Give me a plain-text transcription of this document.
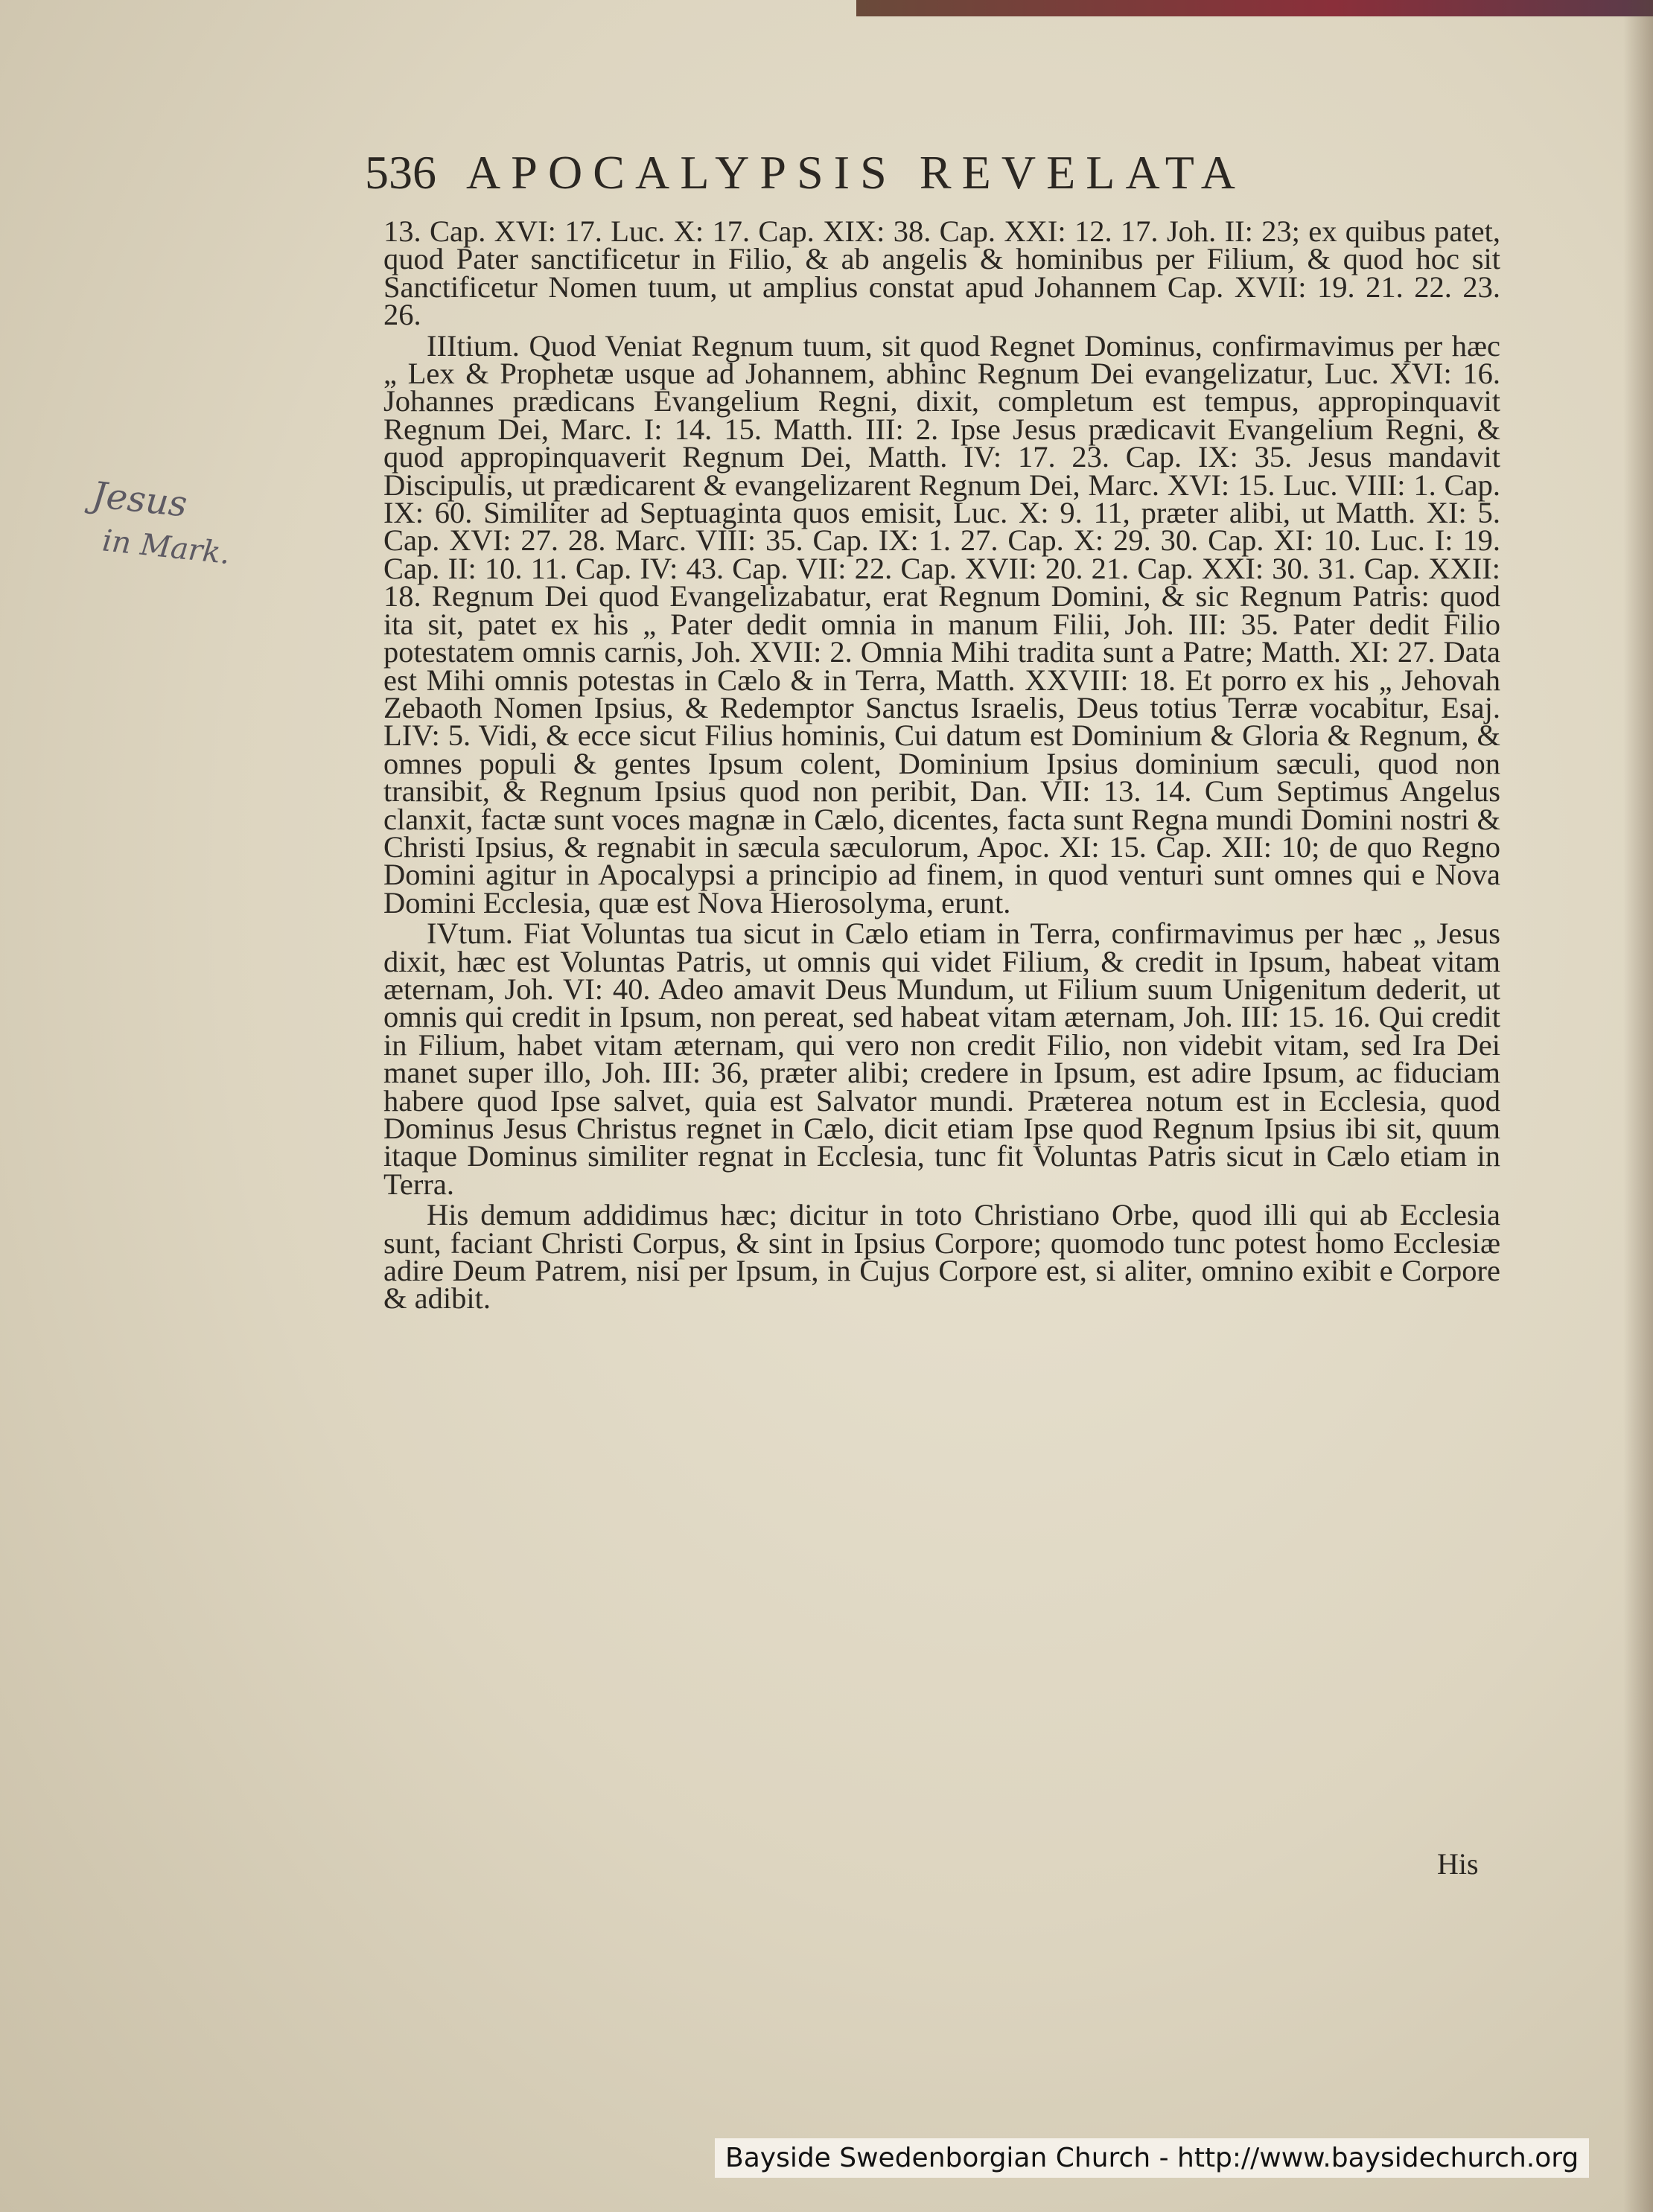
536 APOCALYPSIS REVELATA
Jesus
in Mark.

13. Cap. XVI: 17. Luc. X: 17. Cap. XIX: 38. Cap. XXI: 12. 17. Joh. II: 23; ex quibus patet, quod Pater sanctificetur in Filio, & ab angelis & hominibus per Filium, & quod hoc sit Sanctificetur Nomen tuum, ut amplius constat apud Johannem Cap. XVII: 19. 21. 22. 23. 26.

IIItium. Quod Veniat Regnum tuum, sit quod Regnet Dominus, confirmavimus per hæc „ Lex & Prophetæ usque ad Johannem, abhinc Regnum Dei evangelizatur, Luc. XVI: 16. Johannes prædicans Evangelium Regni, dixit, completum est tempus, appropinquavit Regnum Dei, Marc. I: 14. 15. Matth. III: 2. Ipse Jesus prædicavit Evangelium Regni, & quod appropinquaverit Regnum Dei, Matth. IV: 17. 23. Cap. IX: 35. Jesus mandavit Discipulis, ut prædicarent & evangelizarent Regnum Dei, Marc. XVI: 15. Luc. VIII: 1. Cap. IX: 60. Similiter ad Septuaginta quos emisit, Luc. X: 9. 11, præter alibi, ut Matth. XI: 5. Cap. XVI: 27. 28. Marc. VIII: 35. Cap. IX: 1. 27. Cap. X: 29. 30. Cap. XI: 10. Luc. I: 19. Cap. II: 10. 11. Cap. IV: 43. Cap. VII: 22. Cap. XVII: 20. 21. Cap. XXI: 30. 31. Cap. XXII: 18. Regnum Dei quod Evangelizabatur, erat Regnum Domini, & sic Regnum Patris: quod ita sit, patet ex his „ Pater dedit omnia in manum Filii, Joh. III: 35. Pater dedit Filio potestatem omnis carnis, Joh. XVII: 2. Omnia Mihi tradita sunt a Patre; Matth. XI: 27. Data est Mihi omnis potestas in Cælo & in Terra, Matth. XXVIII: 18. Et porro ex his „ Jehovah Zebaoth Nomen Ipsius, & Redemptor Sanctus Israelis, Deus totius Terræ vocabitur, Esaj. LIV: 5. Vidi, & ecce sicut Filius hominis, Cui datum est Dominium & Gloria & Regnum, & omnes populi & gentes Ipsum colent, Dominium Ipsius dominium sæculi, quod non transibit, & Regnum Ipsius quod non peribit, Dan. VII: 13. 14. Cum Septimus Angelus clanxit, factæ sunt voces magnæ in Cælo, dicentes, facta sunt Regna mundi Domini nostri & Christi Ipsius, & regnabit in sæcula sæculorum, Apoc. XI: 15. Cap. XII: 10; de quo Regno Domini agitur in Apocalypsi a principio ad finem, in quod venturi sunt omnes qui e Nova Domini Ecclesia, quæ est Nova Hierosolyma, erunt.

IVtum. Fiat Voluntas tua sicut in Cælo etiam in Terra, confirmavimus per hæc „ Jesus dixit, hæc est Voluntas Patris, ut omnis qui videt Filium, & credit in Ipsum, habeat vitam æternam, Joh. VI: 40. Adeo amavit Deus Mundum, ut Filium suum Unigenitum dederit, ut omnis qui credit in Ipsum, non pereat, sed habeat vitam æternam, Joh. III: 15. 16. Qui credit in Filium, habet vitam æternam, qui vero non credit Filio, non videbit vitam, sed Ira Dei manet super illo, Joh. III: 36, præter alibi; credere in Ipsum, est adire Ipsum, ac fiduciam habere quod Ipse salvet, quia est Salvator mundi. Præterea notum est in Ecclesia, quod Dominus Jesus Christus regnet in Cælo, dicit etiam Ipse quod Regnum Ipsius ibi sit, quum itaque Dominus similiter regnat in Ecclesia, tunc fit Voluntas Patris sicut in Cælo etiam in Terra.

His demum addidimus hæc; dicitur in toto Christiano Orbe, quod illi qui ab Ecclesia sunt, faciant Christi Corpus, & sint in Ipsius Corpore; quomodo tunc potest homo Ecclesiæ adire Deum Patrem, nisi per Ipsum, in Cujus Corpore est, si aliter, omnino exibit e Corpore & adibit.

His
Bayside Swedenborgian Church - http://www.baysidechurch.org
